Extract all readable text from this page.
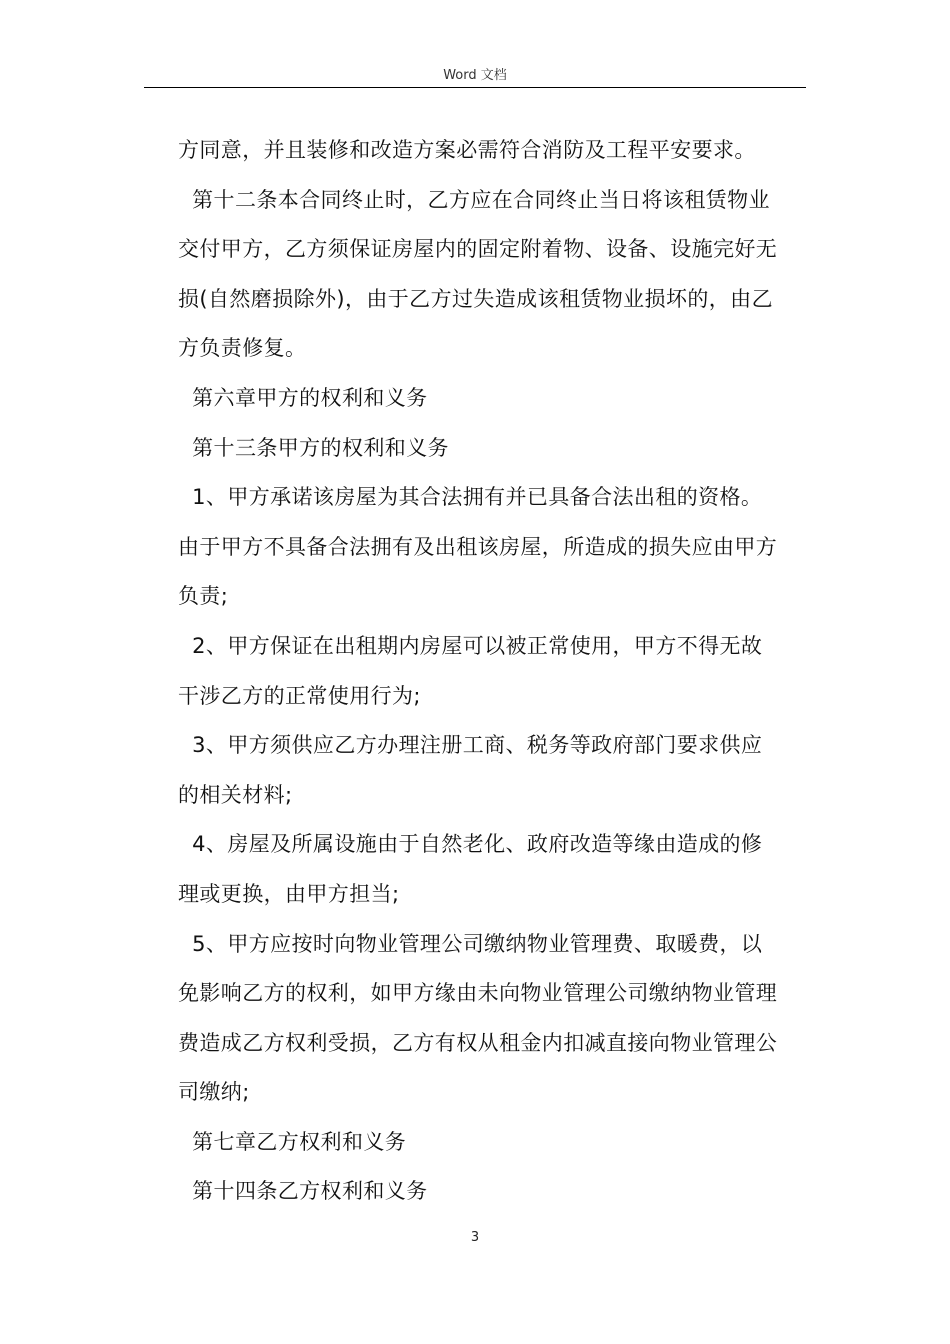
Word 文档

方同意，并且装修和改造方案必需符合消防及工程平安要求。

第十二条本合同终止时，乙方应在合同终止当日将该租赁物业

交付甲方，乙方须保证房屋内的固定附着物、设备、设施完好无

损(自然磨损除外)，由于乙方过失造成该租赁物业损坏的，由乙

方负责修复。

第六章甲方的权利和义务

第十三条甲方的权利和义务

1、甲方承诺该房屋为其合法拥有并已具备合法出租的资格。

由于甲方不具备合法拥有及出租该房屋，所造成的损失应由甲方

负责;

2、甲方保证在出租期内房屋可以被正常使用，甲方不得无故

干涉乙方的正常使用行为;

3、甲方须供应乙方办理注册工商、税务等政府部门要求供应

的相关材料;

4、房屋及所属设施由于自然老化、政府改造等缘由造成的修

理或更换，由甲方担当;

5、甲方应按时向物业管理公司缴纳物业管理费、取暖费，以

免影响乙方的权利，如甲方缘由未向物业管理公司缴纳物业管理

费造成乙方权利受损，乙方有权从租金内扣减直接向物业管理公

司缴纳;

第七章乙方权利和义务

第十四条乙方权利和义务

3
